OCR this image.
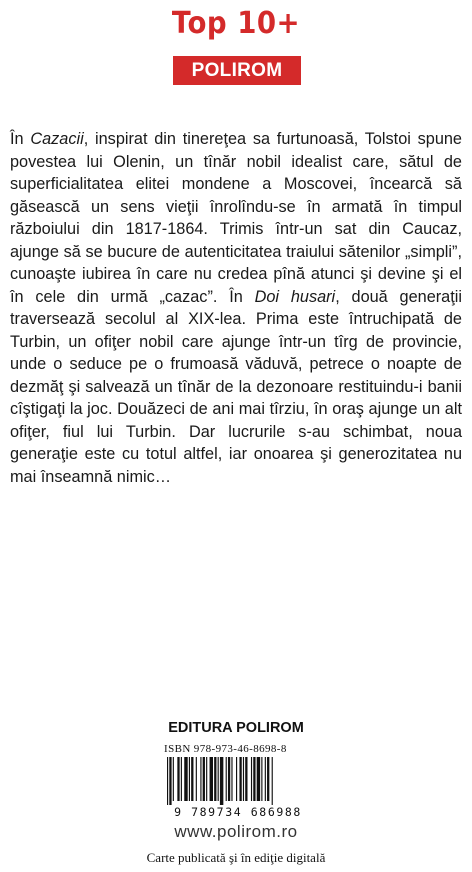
Top 10+
POLIROM

În Cazacii, inspirat din tinereţea sa furtunoasă, Tolstoi spune povestea lui Olenin, un tînăr nobil idealist care, sătul de superficialitatea elitei mondene a Moscovei, încearcă să găsească un sens vieţii înrolîndu-se în armată în timpul războiului din 1817-1864. Trimis într-un sat din Caucaz, ajunge să se bucure de autenticitatea traiului sătenilor „simpli”, cunoaşte iubirea în care nu credea pînă atunci şi devine şi el în cele din urmă „cazac”. În Doi husari, două generaţii traversează secolul al XIX-lea. Prima este întruchipată de Turbin, un ofiţer nobil care ajunge într-un tîrg de provincie, unde o seduce pe o frumoasă văduvă, petrece o noapte de dezmăţ şi salvează un tînăr de la dezonoare restituindu-i banii cîştigaţi la joc. Douăzeci de ani mai tîrziu, în oraş ajunge un alt ofiţer, fiul lui Turbin. Dar lucrurile s-au schimbat, noua generaţie este cu totul altfel, iar onoarea şi generozitatea nu mai înseamnă nimic…

EDITURA POLIROM
ISBN 978-973-46-8698-8
9 789734 686988
www.polirom.ro
Carte publicată şi în ediţie digitală
